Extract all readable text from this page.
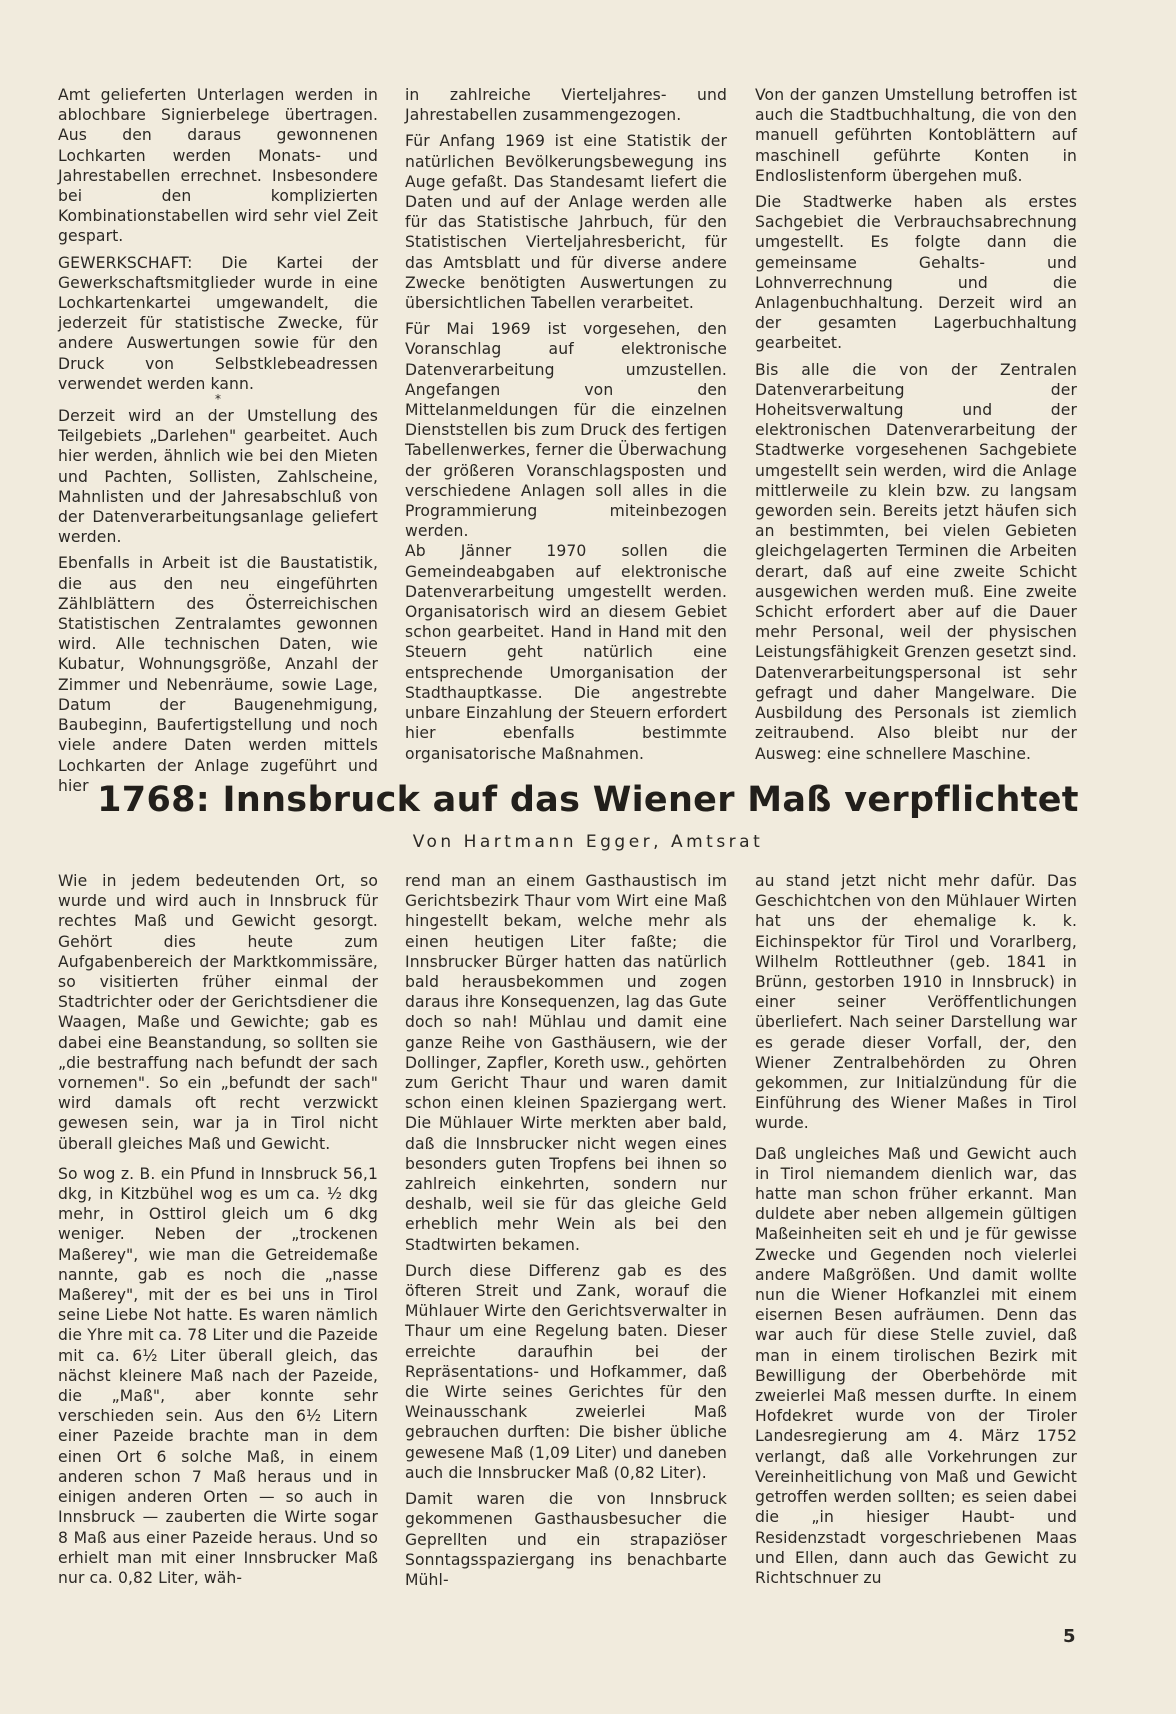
Amt gelieferten Unterlagen werden in ablochbare Signierbelege übertragen. Aus den daraus gewonnenen Lochkarten werden Monats- und Jahrestabellen errechnet. Insbesondere bei den komplizierten Kombinationstabellen wird sehr viel Zeit gespart.

GEWERKSCHAFT: Die Kartei der Gewerkschaftsmitglieder wurde in eine Lochkartenkartei umgewandelt, die jederzeit für statistische Zwecke, für andere Auswertungen sowie für den Druck von Selbstklebeadressen verwendet werden kann.

*

Derzeit wird an der Umstellung des Teilgebiets „Darlehen" gearbeitet. Auch hier werden, ähnlich wie bei den Mieten und Pachten, Sollisten, Zahlscheine, Mahnlisten und der Jahresabschluß von der Datenverarbeitungsanlage geliefert werden.

Ebenfalls in Arbeit ist die Baustatistik, die aus den neu eingeführten Zählblättern des Österreichischen Statistischen Zentralamtes gewonnen wird. Alle technischen Daten, wie Kubatur, Wohnungsgröße, Anzahl der Zimmer und Nebenräume, sowie Lage, Datum der Baugenehmigung, Baubeginn, Baufertigstellung und noch viele andere Daten werden mittels Lochkarten der Anlage zugeführt und hier

in zahlreiche Vierteljahres- und Jahrestabellen zusammengezogen.

Für Anfang 1969 ist eine Statistik der natürlichen Bevölkerungsbewegung ins Auge gefaßt. Das Standesamt liefert die Daten und auf der Anlage werden alle für das Statistische Jahrbuch, für den Statistischen Vierteljahresbericht, für das Amtsblatt und für diverse andere Zwecke benötigten Auswertungen zu übersichtlichen Tabellen verarbeitet.

Für Mai 1969 ist vorgesehen, den Voranschlag auf elektronische Datenverarbeitung umzustellen. Angefangen von den Mittelanmeldungen für die einzelnen Dienststellen bis zum Druck des fertigen Tabellenwerkes, ferner die Überwachung der größeren Voranschlagsposten und verschiedene Anlagen soll alles in die Programmierung miteinbezogen werden.

Ab Jänner 1970 sollen die Gemeindeabgaben auf elektronische Datenverarbeitung umgestellt werden. Organisatorisch wird an diesem Gebiet schon gearbeitet. Hand in Hand mit den Steuern geht natürlich eine entsprechende Umorganisation der Stadthauptkasse. Die angestrebte unbare Einzahlung der Steuern erfordert hier ebenfalls bestimmte organisatorische Maßnahmen.

Von der ganzen Umstellung betroffen ist auch die Stadtbuchhaltung, die von den manuell geführten Kontoblättern auf maschinell geführte Konten in Endloslistenform übergehen muß.

Die Stadtwerke haben als erstes Sachgebiet die Verbrauchsabrechnung umgestellt. Es folgte dann die gemeinsame Gehalts- und Lohnverrechnung und die Anlagenbuchhaltung. Derzeit wird an der gesamten Lagerbuchhaltung gearbeitet.

Bis alle die von der Zentralen Datenverarbeitung der Hoheitsverwaltung und der elektronischen Datenverarbeitung der Stadtwerke vorgesehenen Sachgebiete umgestellt sein werden, wird die Anlage mittlerweile zu klein bzw. zu langsam geworden sein. Bereits jetzt häufen sich an bestimmten, bei vielen Gebieten gleichgelagerten Terminen die Arbeiten derart, daß auf eine zweite Schicht ausgewichen werden muß. Eine zweite Schicht erfordert aber auf die Dauer mehr Personal, weil der physischen Leistungsfähigkeit Grenzen gesetzt sind. Datenverarbeitungspersonal ist sehr gefragt und daher Mangelware. Die Ausbildung des Personals ist ziemlich zeitraubend. Also bleibt nur der Ausweg: eine schnellere Maschine.

1768: Innsbruck auf das Wiener Maß verpflichtet
Von Hartmann Egger, Amtsrat

Wie in jedem bedeutenden Ort, so wurde und wird auch in Innsbruck für rechtes Maß und Gewicht gesorgt. Gehört dies heute zum Aufgabenbereich der Marktkommissäre, so visitierten früher einmal der Stadtrichter oder der Gerichtsdiener die Waagen, Maße und Gewichte; gab es dabei eine Beanstandung, so sollten sie „die bestraffung nach befundt der sach vornemen". So ein „befundt der sach" wird damals oft recht verzwickt gewesen sein, war ja in Tirol nicht überall gleiches Maß und Gewicht.

So wog z. B. ein Pfund in Innsbruck 56,1 dkg, in Kitzbühel wog es um ca. ½ dkg mehr, in Osttirol gleich um 6 dkg weniger. Neben der „trockenen Maßerey", wie man die Getreidemaße nannte, gab es noch die „nasse Maßerey", mit der es bei uns in Tirol seine Liebe Not hatte. Es waren nämlich die Yhre mit ca. 78 Liter und die Pazeide mit ca. 6½ Liter überall gleich, das nächst kleinere Maß nach der Pazeide, die „Maß", aber konnte sehr verschieden sein. Aus den 6½ Litern einer Pazeide brachte man in dem einen Ort 6 solche Maß, in einem anderen schon 7 Maß heraus und in einigen anderen Orten — so auch in Innsbruck — zauberten die Wirte sogar 8 Maß aus einer Pazeide heraus. Und so erhielt man mit einer Innsbrucker Maß nur ca. 0,82 Liter, wäh-

rend man an einem Gasthaustisch im Gerichtsbezirk Thaur vom Wirt eine Maß hingestellt bekam, welche mehr als einen heutigen Liter faßte; die Innsbrucker Bürger hatten das natürlich bald herausbekommen und zogen daraus ihre Konsequenzen, lag das Gute doch so nah! Mühlau und damit eine ganze Reihe von Gasthäusern, wie der Dollinger, Zapfler, Koreth usw., gehörten zum Gericht Thaur und waren damit schon einen kleinen Spaziergang wert. Die Mühlauer Wirte merkten aber bald, daß die Innsbrucker nicht wegen eines besonders guten Tropfens bei ihnen so zahlreich einkehrten, sondern nur deshalb, weil sie für das gleiche Geld erheblich mehr Wein als bei den Stadtwirten bekamen.

Durch diese Differenz gab es des öfteren Streit und Zank, worauf die Mühlauer Wirte den Gerichtsverwalter in Thaur um eine Regelung baten. Dieser erreichte daraufhin bei der Repräsentations- und Hofkammer, daß die Wirte seines Gerichtes für den Weinausschank zweierlei Maß gebrauchen durften: Die bisher übliche gewesene Maß (1,09 Liter) und daneben auch die Innsbrucker Maß (0,82 Liter).

Damit waren die von Innsbruck gekommenen Gasthausbesucher die Geprellten und ein strapaziöser Sonntagsspaziergang ins benachbarte Mühl-

au stand jetzt nicht mehr dafür. Das Geschichtchen von den Mühlauer Wirten hat uns der ehemalige k. k. Eichinspektor für Tirol und Vorarlberg, Wilhelm Rottleuthner (geb. 1841 in Brünn, gestorben 1910 in Innsbruck) in einer seiner Veröffentlichungen überliefert. Nach seiner Darstellung war es gerade dieser Vorfall, der, den Wiener Zentralbehörden zu Ohren gekommen, zur Initialzündung für die Einführung des Wiener Maßes in Tirol wurde.

Daß ungleiches Maß und Gewicht auch in Tirol niemandem dienlich war, das hatte man schon früher erkannt. Man duldete aber neben allgemein gültigen Maßeinheiten seit eh und je für gewisse Zwecke und Gegenden noch vielerlei andere Maßgrößen. Und damit wollte nun die Wiener Hofkanzlei mit einem eisernen Besen aufräumen. Denn das war auch für diese Stelle zuviel, daß man in einem tirolischen Bezirk mit Bewilligung der Oberbehörde mit zweierlei Maß messen durfte. In einem Hofdekret wurde von der Tiroler Landesregierung am 4. März 1752 verlangt, daß alle Vorkehrungen zur Vereinheitlichung von Maß und Gewicht getroffen werden sollten; es seien dabei die „in hiesiger Haubt- und Residenzstadt vorgeschriebenen Maas und Ellen, dann auch das Gewicht zu Richtschnuer zu

5
